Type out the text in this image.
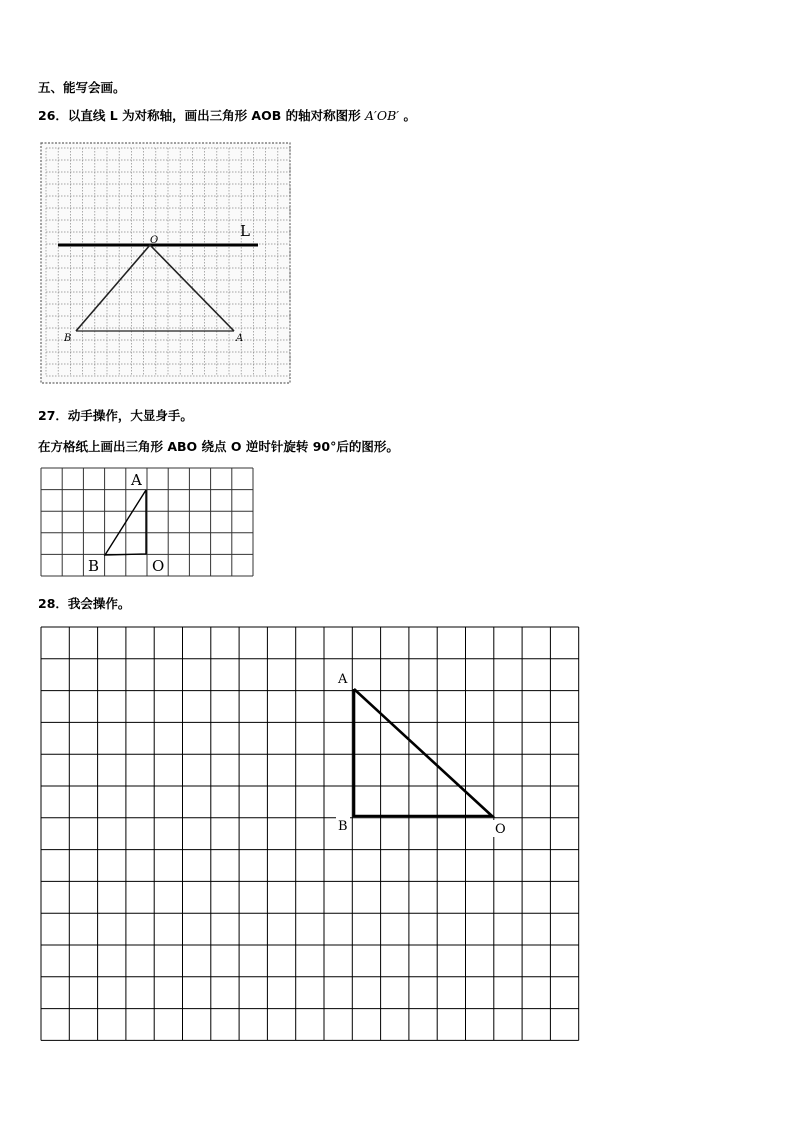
五、能写会画。
26．以直线 L 为对称轴，画出三角形 AOB 的轴对称图形 A′OB′ 。
L
O
B	A
27．动手操作，大显身手。
在方格纸上画出三角形 ABO 绕点 O 逆时针旋转 90°后的图形。
A
B	O
28．我会操作。
A
B	O
